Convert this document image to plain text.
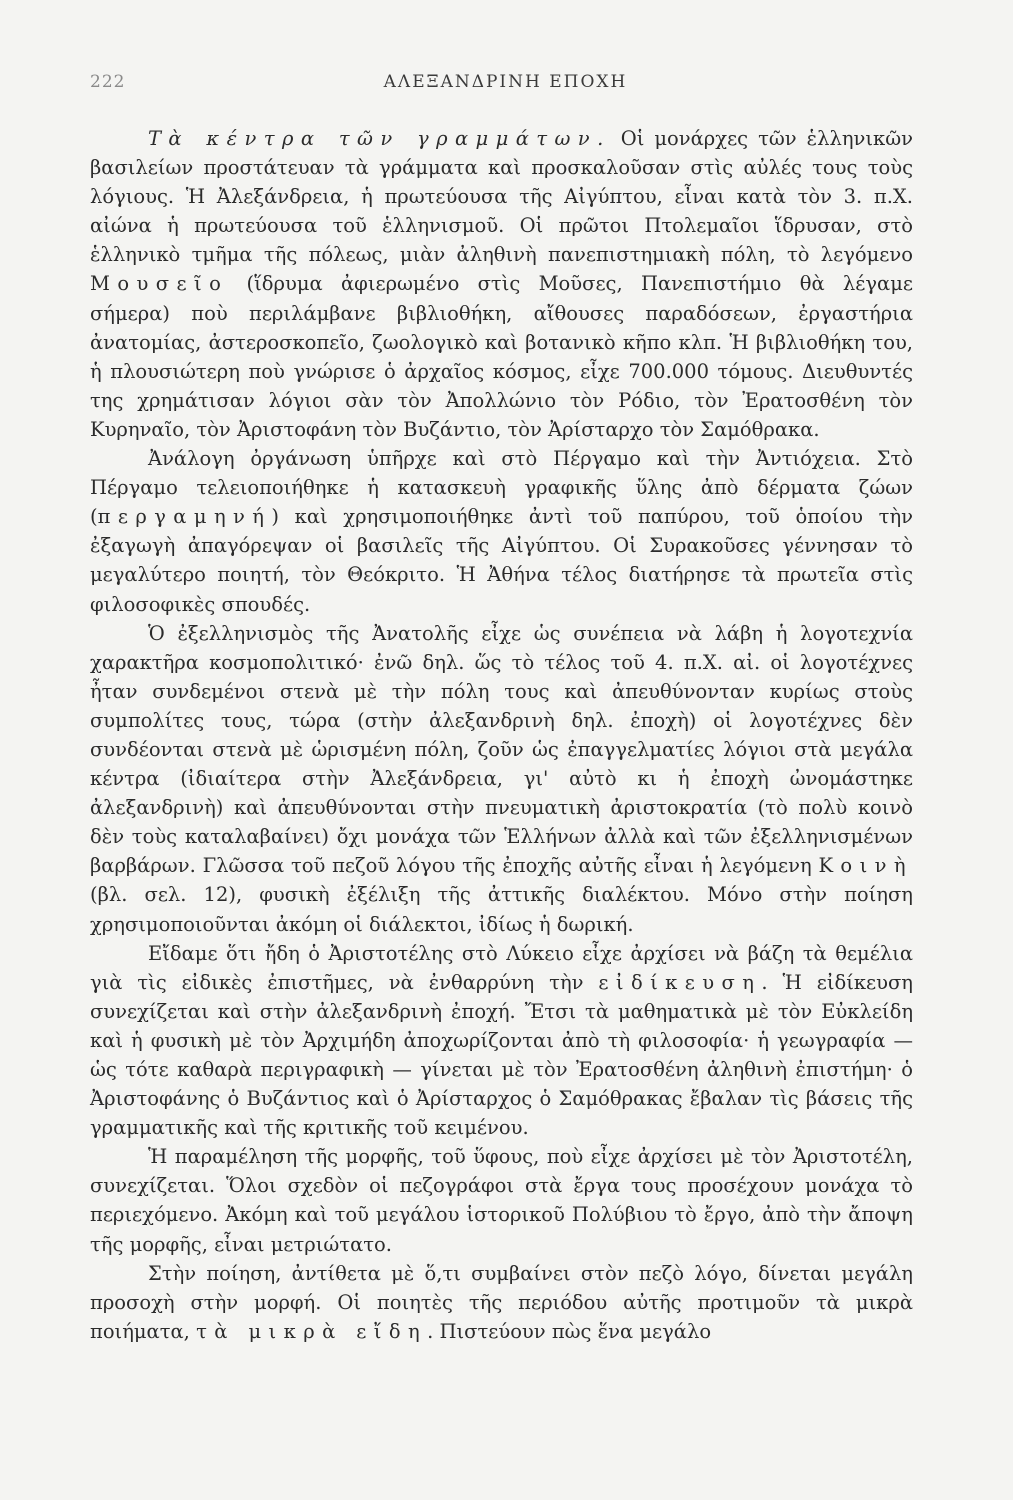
222	ΑΛΕΞΑΝΔΡΙΝΗ ΕΠΟΧΗ

Τὰ κέντρα τῶν γραμμάτων. Οἱ μονάρχες τῶν ἑλληνικῶν βασιλείων προστάτευαν τὰ γράμματα καὶ προσκαλοῦσαν στὶς αὐλές τους τοὺς λόγιους. Ἡ Ἀλεξάνδρεια, ἡ πρωτεύουσα τῆς Αἰγύπτου, εἶναι κατὰ τὸν 3. π.Χ. αἰώνα ἡ πρωτεύουσα τοῦ ἑλληνισμοῦ. Οἱ πρῶτοι Πτολεμαῖοι ἵδρυσαν, στὸ ἑλληνικὸ τμῆμα τῆς πόλεως, μιὰν ἀληθινὴ πανεπιστημιακὴ πόλη, τὸ λεγόμενο Μουσεῖο (ἵδρυμα ἀφιερωμένο στὶς Μοῦσες, Πανεπιστήμιο θὰ λέγαμε σήμερα) ποὺ περιλάμβανε βιβλιοθήκη, αἴθουσες παραδόσεων, ἐργαστήρια ἀνατομίας, ἀστεροσκοπεῖο, ζωολογικὸ καὶ βοτανικὸ κῆπο κλπ. Ἡ βιβλιοθήκη του, ἡ πλουσιώτερη ποὺ γνώρισε ὁ ἀρχαῖος κόσμος, εἶχε 700.000 τόμους. Διευθυντές της χρημάτισαν λόγιοι σὰν τὸν Ἀπολλώνιο τὸν Ρόδιο, τὸν Ἐρατοσθένη τὸν Κυρηναῖο, τὸν Ἀριστοφάνη τὸν Βυζάντιο, τὸν Ἀρίσταρχο τὸν Σαμόθρακα.

Ἀνάλογη ὀργάνωση ὑπῆρχε καὶ στὸ Πέργαμο καὶ τὴν Ἀντιόχεια. Στὸ Πέργαμο τελειοποιήθηκε ἡ κατασκευὴ γραφικῆς ὕλης ἀπὸ δέρματα ζώων (περγαμηνή) καὶ χρησιμοποιήθηκε ἀντὶ τοῦ παπύρου, τοῦ ὁποίου τὴν ἐξαγωγὴ ἀπαγόρεψαν οἱ βασιλεῖς τῆς Αἰγύπτου. Οἱ Συρακοῦσες γέννησαν τὸ μεγαλύτερο ποιητή, τὸν Θεόκριτο. Ἡ Ἀθήνα τέλος διατήρησε τὰ πρωτεῖα στὶς φιλοσοφικὲς σπουδές.

Ὁ ἐξελληνισμὸς τῆς Ἀνατολῆς εἶχε ὡς συνέπεια νὰ λάβη ἡ λογοτεχνία χαρακτῆρα κοσμοπολιτικό· ἐνῶ δηλ. ὥς τὸ τέλος τοῦ 4. π.Χ. αἰ. οἱ λογοτέχνες ἦταν συνδεμένοι στενὰ μὲ τὴν πόλη τους καὶ ἀπευθύνονταν κυρίως στοὺς συμπολίτες τους, τώρα (στὴν ἀλεξανδρινὴ δηλ. ἐποχὴ) οἱ λογοτέχνες δὲν συνδέονται στενὰ μὲ ὡρισμένη πόλη, ζοῦν ὡς ἐπαγγελματίες λόγιοι στὰ μεγάλα κέντρα (ἰδιαίτερα στὴν Ἀλεξάνδρεια, γι' αὐτὸ κι ἡ ἐποχὴ ὠνομάστηκε ἀλεξανδρινὴ) καὶ ἀπευθύνονται στὴν πνευματικὴ ἀριστοκρατία (τὸ πολὺ κοινὸ δὲν τοὺς καταλαβαίνει) ὄχι μονάχα τῶν Ἑλλήνων ἀλλὰ καὶ τῶν ἐξελληνισμένων βαρβάρων. Γλῶσσα τοῦ πεζοῦ λόγου τῆς ἐποχῆς αὐτῆς εἶναι ἡ λεγόμενη Κοινὴ (βλ. σελ. 12), φυσικὴ ἐξέλιξη τῆς ἀττικῆς διαλέκτου. Μόνο στὴν ποίηση χρησιμοποιοῦνται ἀκόμη οἱ διάλεκτοι, ἰδίως ἡ δωρική.

Εἴδαμε ὅτι ἤδη ὁ Ἀριστοτέλης στὸ Λύκειο εἶχε ἀρχίσει νὰ βάζη τὰ θεμέλια γιὰ τὶς εἰδικὲς ἐπιστῆμες, νὰ ἐνθαρρύνη τὴν εἰδίκευση. Ἡ εἰδίκευση συνεχίζεται καὶ στὴν ἀλεξανδρινὴ ἐποχή. Ἔτσι τὰ μαθηματικὰ μὲ τὸν Εὐκλείδη καὶ ἡ φυσικὴ μὲ τὸν Ἀρχιμήδη ἀποχωρίζονται ἀπὸ τὴ φιλοσοφία· ἡ γεωγραφία — ὡς τότε καθαρὰ περιγραφικὴ — γίνεται μὲ τὸν Ἐρατοσθένη ἀληθινὴ ἐπιστήμη· ὁ Ἀριστοφάνης ὁ Βυζάντιος καὶ ὁ Ἀρίσταρχος ὁ Σαμόθρακας ἔβαλαν τὶς βάσεις τῆς γραμματικῆς καὶ τῆς κριτικῆς τοῦ κειμένου.

Ἡ παραμέληση τῆς μορφῆς, τοῦ ὕφους, ποὺ εἶχε ἀρχίσει μὲ τὸν Ἀριστοτέλη, συνεχίζεται. Ὅλοι σχεδὸν οἱ πεζογράφοι στὰ ἔργα τους προσέχουν μονάχα τὸ περιεχόμενο. Ἀκόμη καὶ τοῦ μεγάλου ἱστορικοῦ Πολύβιου τὸ ἔργο, ἀπὸ τὴν ἄποψη τῆς μορφῆς, εἶναι μετριώτατο.

Στὴν ποίηση, ἀντίθετα μὲ ὅ,τι συμβαίνει στὸν πεζὸ λόγο, δίνεται μεγάλη προσοχὴ στὴν μορφή. Οἱ ποιητὲς τῆς περιόδου αὐτῆς προτιμοῦν τὰ μικρὰ ποιήματα, τὰ μικρὰ εἴδη. Πιστεύουν πὼς ἕνα μεγάλο
